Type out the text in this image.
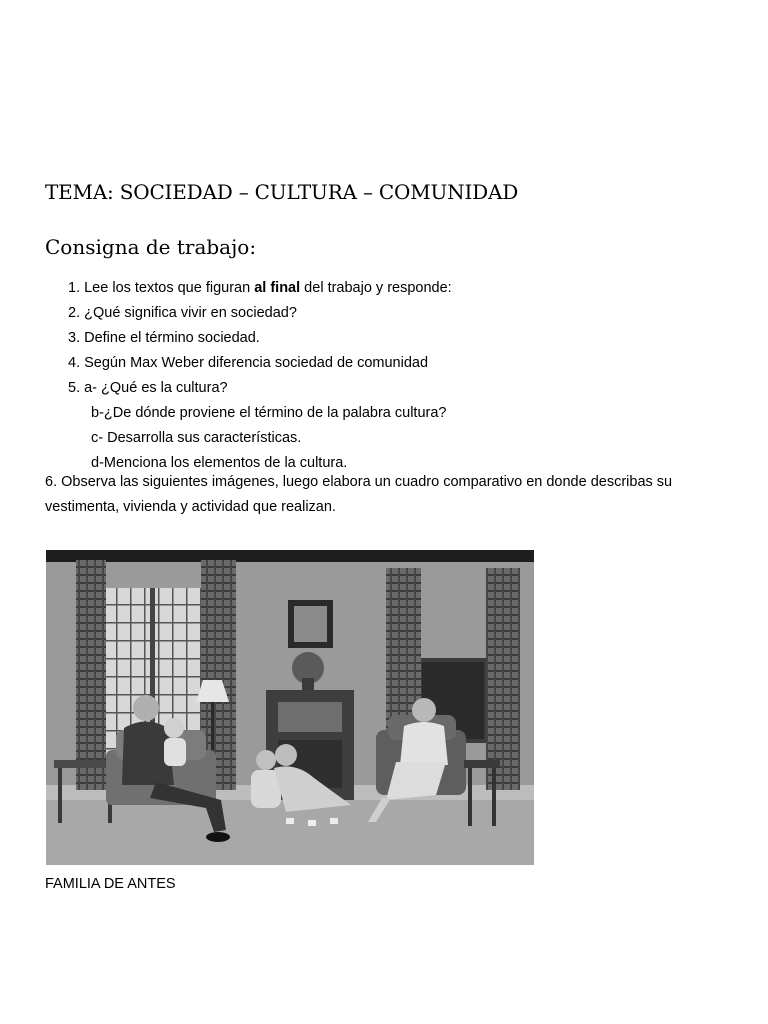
TEMA: SOCIEDAD – CULTURA – COMUNIDAD
Consigna de trabajo:
1. Lee los textos que figuran al final del trabajo y responde:
2. ¿Qué significa vivir en sociedad?
3. Define el término sociedad.
4. Según Max Weber diferencia sociedad de comunidad
5. a- ¿Qué es la cultura?
b-¿De dónde proviene el término de la palabra cultura?
c- Desarrolla sus características.
d-Menciona los elementos de la cultura.

6. Observa las siguientes imágenes, luego elabora un cuadro comparativo en donde describas su vestimenta, vivienda y actividad que realizan.

FAMILIA DE ANTES
